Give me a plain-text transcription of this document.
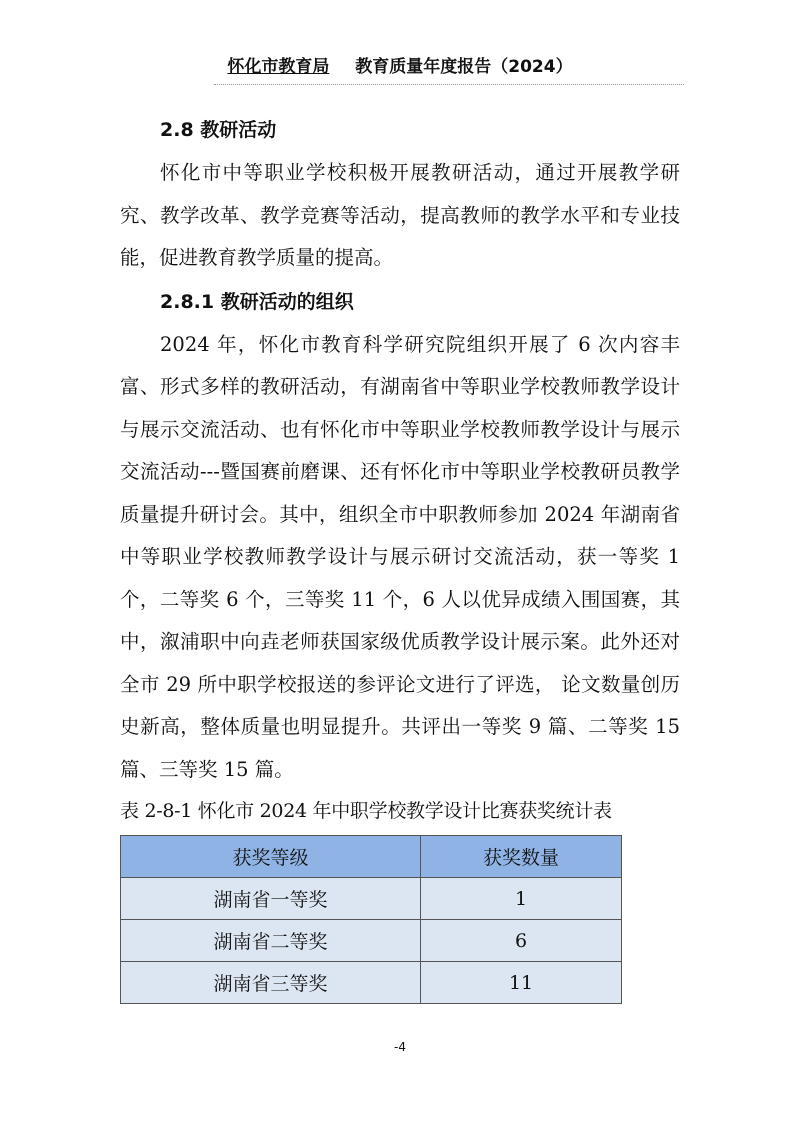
怀化市教育局 教育质量年度报告（2024）
2.8 教研活动

怀化市中等职业学校积极开展教研活动，通过开展教学研究、教学改革、教学竞赛等活动，提高教师的教学水平和专业技能，促进教育教学质量的提高。

2.8.1 教研活动的组织

2024 年，怀化市教育科学研究院组织开展了 6 次内容丰富、形式多样的教研活动，有湖南省中等职业学校教师教学设计与展示交流活动、也有怀化市中等职业学校教师教学设计与展示交流活动---暨国赛前磨课、还有怀化市中等职业学校教研员教学质量提升研讨会。其中，组织全市中职教师参加 2024 年湖南省中等职业学校教师教学设计与展示研讨交流活动，获一等奖 1 个，二等奖 6 个，三等奖 11 个，6 人以优异成绩入围国赛，其中，溆浦职中向垚老师获国家级优质教学设计展示案。此外还对全市 29 所中职学校报送的参评论文进行了评选， 论文数量创历史新高，整体质量也明显提升。共评出一等奖 9 篇、二等奖 15 篇、三等奖 15 篇。

表 2-8-1 怀化市 2024 年中职学校教学设计比赛获奖统计表

获奖等级	获奖数量
湖南省一等奖	1
湖南省二等奖	6
湖南省三等奖	11
-4
